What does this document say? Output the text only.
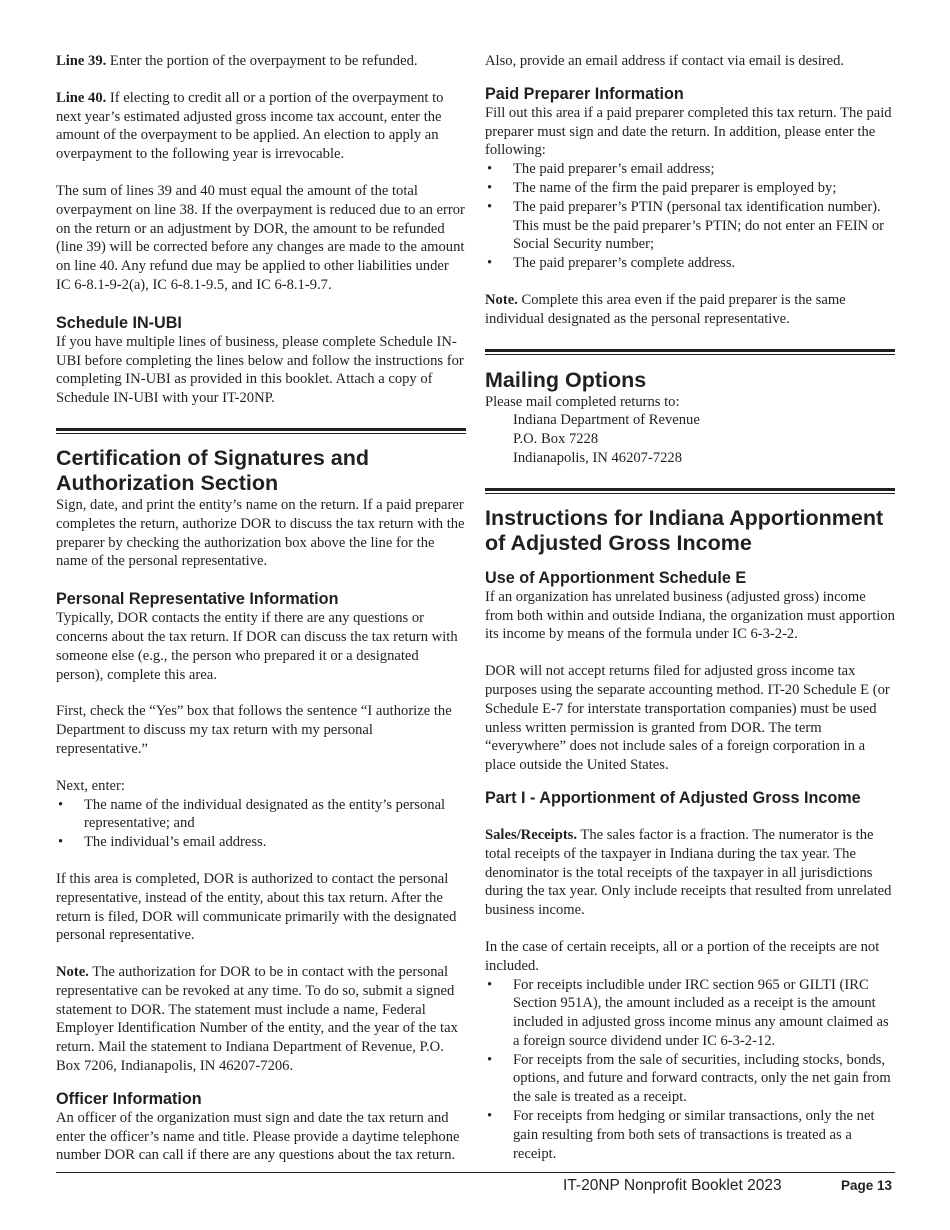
Line 39. Enter the portion of the overpayment to be refunded.

Line 40. If electing to credit all or a portion of the overpayment to next year’s estimated adjusted gross income tax account, enter the amount of the overpayment to be applied. An election to apply an overpayment to the following year is irrevocable.

The sum of lines 39 and 40 must equal the amount of the total overpayment on line 38. If the overpayment is reduced due to an error on the return or an adjustment by DOR, the amount to be refunded (line 39) will be corrected before any changes are made to the amount on line 40. Any refund due may be applied to other liabilities under IC 6-8.1-9-2(a), IC 6-8.1-9.5, and IC 6-8.1-9.7.

Schedule IN-UBI

If you have multiple lines of business, please complete Schedule IN-UBI before completing the lines below and follow the instructions for completing IN-UBI as provided in this booklet. Attach a copy of Schedule IN-UBI with your IT-20NP.

Certification of Signatures and Authorization Section

Sign, date, and print the entity’s name on the return. If a paid preparer completes the return, authorize DOR to discuss the tax return with the preparer by checking the authorization box above the line for the name of the personal representative.

Personal Representative Information

Typically, DOR contacts the entity if there are any questions or concerns about the tax return. If DOR can discuss the tax return with someone else (e.g., the person who prepared it or a designated person), complete this area.

First, check the “Yes” box that follows the sentence “I authorize the Department to discuss my tax return with my personal representative.”

Next, enter:

• The name of the individual designated as the entity’s personal representative; and
• The individual’s email address.

If this area is completed, DOR is authorized to contact the personal representative, instead of the entity, about this tax return. After the return is filed, DOR will communicate primarily with the designated personal representative.

Note. The authorization for DOR to be in contact with the personal representative can be revoked at any time. To do so, submit a signed statement to DOR. The statement must include a name, Federal Employer Identification Number of the entity, and the year of the tax return. Mail the statement to Indiana Department of Revenue, P.O. Box 7206, Indianapolis, IN 46207-7206.

Officer Information

An officer of the organization must sign and date the tax return and enter the officer’s name and title. Please provide a daytime telephone number DOR can call if there are any questions about the tax return.

Also, provide an email address if contact via email is desired.

Paid Preparer Information

Fill out this area if a paid preparer completed this tax return. The paid preparer must sign and date the return. In addition, please enter the following:

• The paid preparer’s email address;
• The name of the firm the paid preparer is employed by;
• The paid preparer’s PTIN (personal tax identification number). This must be the paid preparer’s PTIN; do not enter an FEIN or Social Security number;
• The paid preparer’s complete address.

Note. Complete this area even if the paid preparer is the same individual designated as the personal representative.

Mailing Options

Please mail completed returns to:

Indiana Department of Revenue

P.O. Box 7228

Indianapolis, IN 46207-7228

Instructions for Indiana Apportionment of Adjusted Gross Income
Use of Apportionment Schedule E

If an organization has unrelated business (adjusted gross) income from both within and outside Indiana, the organization must apportion its income by means of the formula under IC 6-3-2-2.

DOR will not accept returns filed for adjusted gross income tax purposes using the separate accounting method. IT-20 Schedule E (or Schedule E-7 for interstate transportation companies) must be used unless written permission is granted from DOR. The term “everywhere” does not include sales of a foreign corporation in a place outside the United States.

Part I - Apportionment of Adjusted Gross Income

Sales/Receipts. The sales factor is a fraction. The numerator is the total receipts of the taxpayer in Indiana during the tax year. The denominator is the total receipts of the taxpayer in all jurisdictions during the tax year. Only include receipts that resulted from unrelated business income.

In the case of certain receipts, all or a portion of the receipts are not included.

• For receipts includible under IRC section 965 or GILTI (IRC Section 951A), the amount included as a receipt is the amount included in adjusted gross income minus any amount claimed as a foreign source dividend under IC 6-3-2-12.
• For receipts from the sale of securities, including stocks, bonds, options, and future and forward contracts, only the net gain from the sale is treated as a receipt.
• For receipts from hedging or similar transactions, only the net gain resulting from both sets of transactions is treated as a receipt.
IT-20NP Nonprofit Booklet 2023	Page 13
